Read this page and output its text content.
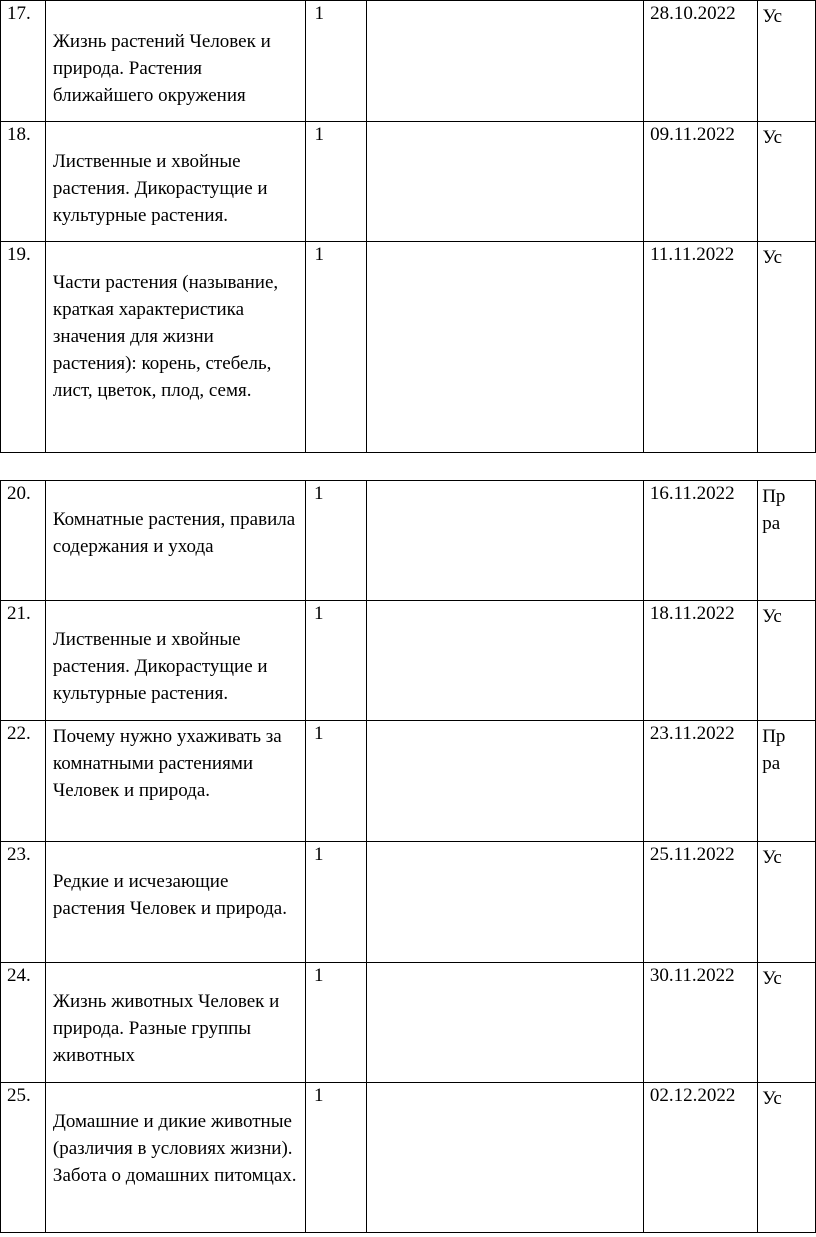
17.	Жизнь растений Человек и природа. Растения ближайшего окружения	1		28.10.2022	Ус

18.	Лиственные и хвойные растения. Дикорастущие и культурные растения.	1		09.11.2022	Ус

19.	Части растения (называние, краткая характеристика значения для жизни растения): корень, стебель, лист, цветок, плод, семя.	1		11.11.2022	Ус
20.	Комнатные растения, правила содержания и ухода	1		16.11.2022	Пр
ра

21.	Лиственные и хвойные растения. Дикорастущие и культурные растения.	1		18.11.2022	Ус

22.	Почему нужно ухаживать за комнатными растениями Человек и природа.	1		23.11.2022	Пр
ра

23.	Редкие и исчезающие растения Человек и природа.	1		25.11.2022	Ус

24.	Жизнь животных Человек и природа. Разные группы животных	1		30.11.2022	Ус

25.	Домашние и дикие животные (различия в условиях жизни). Забота о домашних питомцах.	1		02.12.2022	Ус
